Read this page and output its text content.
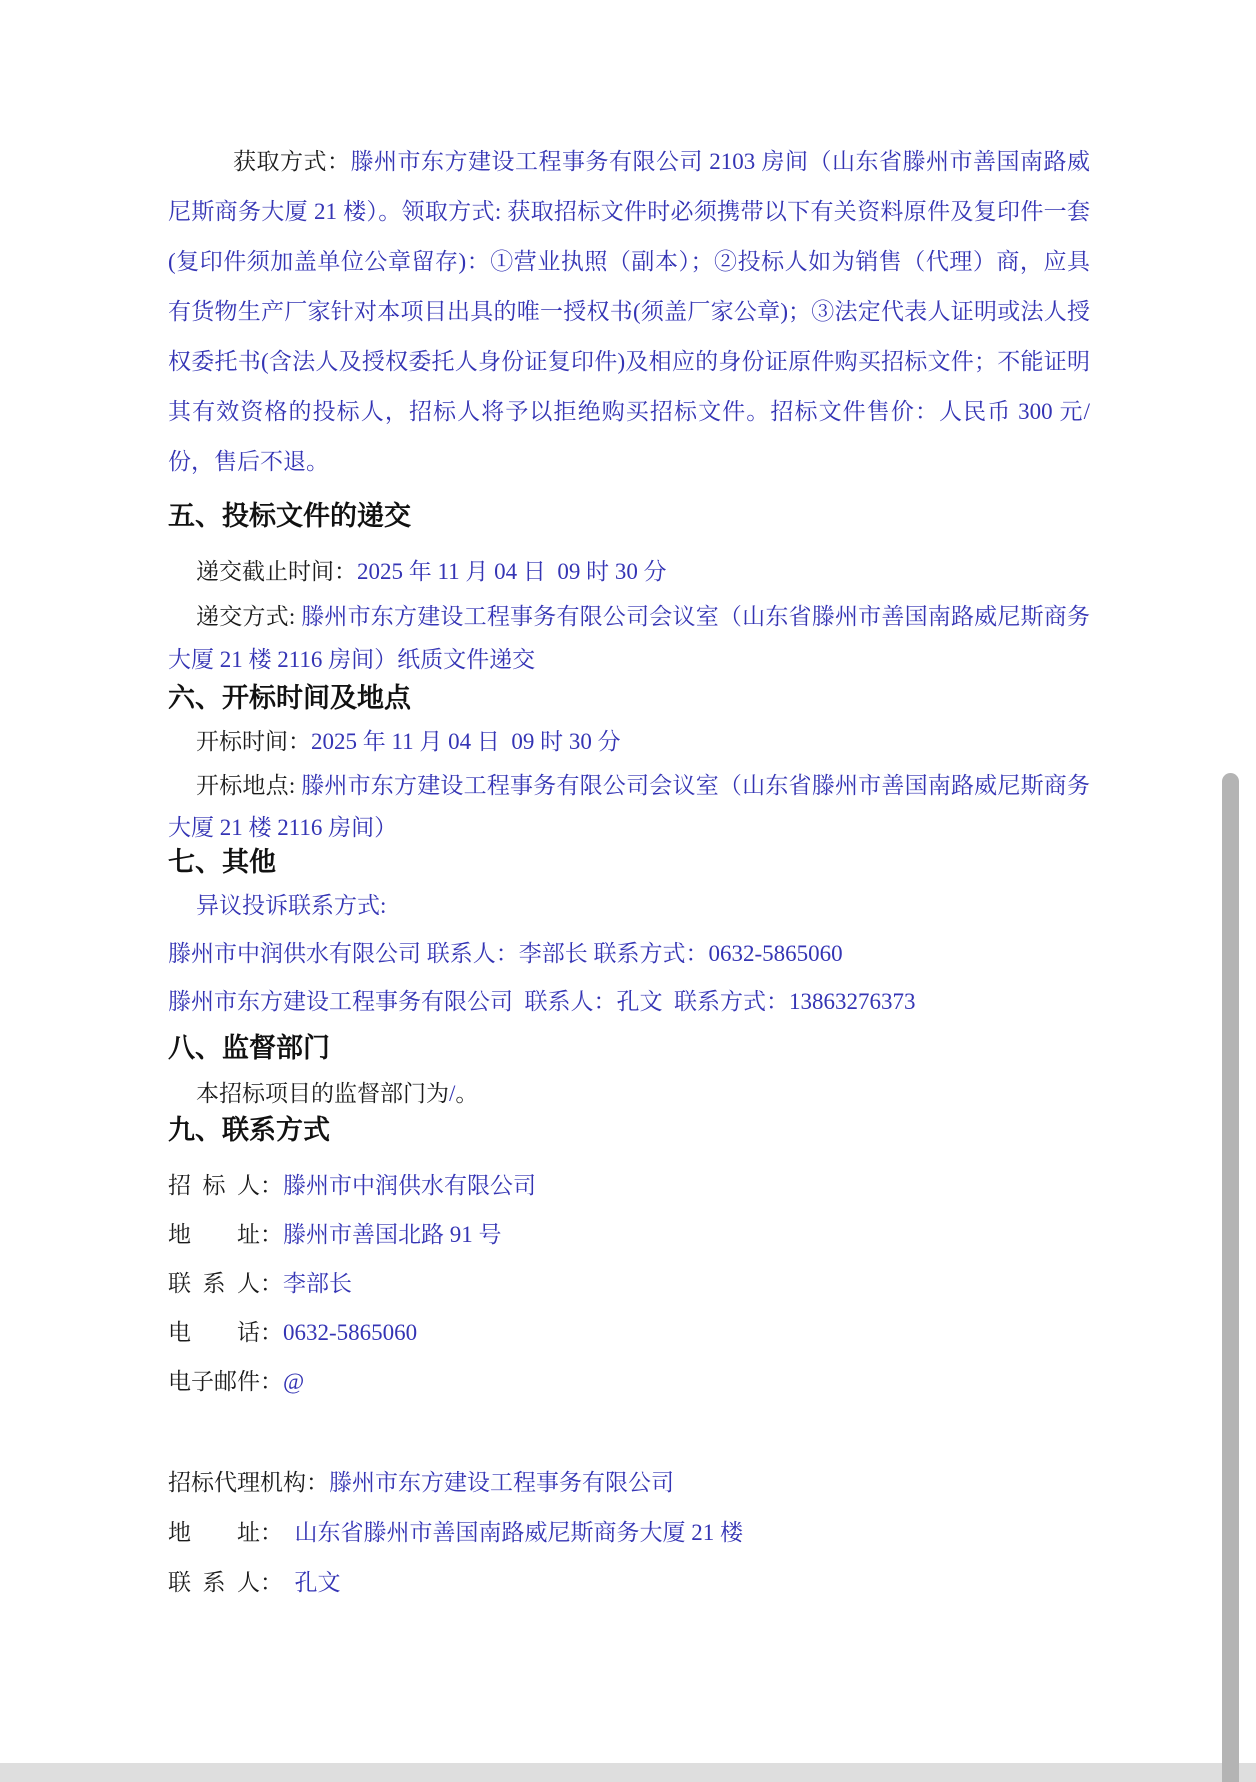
获取方式：滕州市东方建设工程事务有限公司 2103 房间（山东省滕州市善国南路威尼斯商务大厦 21 楼）。领取方式: 获取招标文件时必须携带以下有关资料原件及复印件一套(复印件须加盖单位公章留存)：①营业执照（副本）；②投标人如为销售（代理）商，应具有货物生产厂家针对本项目出具的唯一授权书(须盖厂家公章)；③法定代表人证明或法人授权委托书(含法人及授权委托人身份证复印件)及相应的身份证原件购买招标文件；不能证明其有效资格的投标人，招标人将予以拒绝购买招标文件。招标文件售价：人民币 300 元/份，售后不退。

五、投标文件的递交

递交截止时间：2025 年 11 月 04 日  09 时 30 分

递交方式: 滕州市东方建设工程事务有限公司会议室（山东省滕州市善国南路威尼斯商务大厦 21 楼 2116 房间）纸质文件递交

六、开标时间及地点

开标时间：2025 年 11 月 04 日  09 时 30 分

开标地点: 滕州市东方建设工程事务有限公司会议室（山东省滕州市善国南路威尼斯商务大厦 21 楼 2116 房间）

七、其他

异议投诉联系方式:

滕州市中润供水有限公司 联系人：李部长 联系方式：0632-5865060

滕州市东方建设工程事务有限公司  联系人：孔文  联系方式：13863276373

八、监督部门

本招标项目的监督部门为/。

九、联系方式

招  标  人：滕州市中润供水有限公司

地　　址：滕州市善国北路 91 号

联  系  人：李部长

电　　话：0632-5865060

电子邮件：@

招标代理机构：滕州市东方建设工程事务有限公司

地　　址：　山东省滕州市善国南路威尼斯商务大厦 21 楼

联  系  人：　孔文
